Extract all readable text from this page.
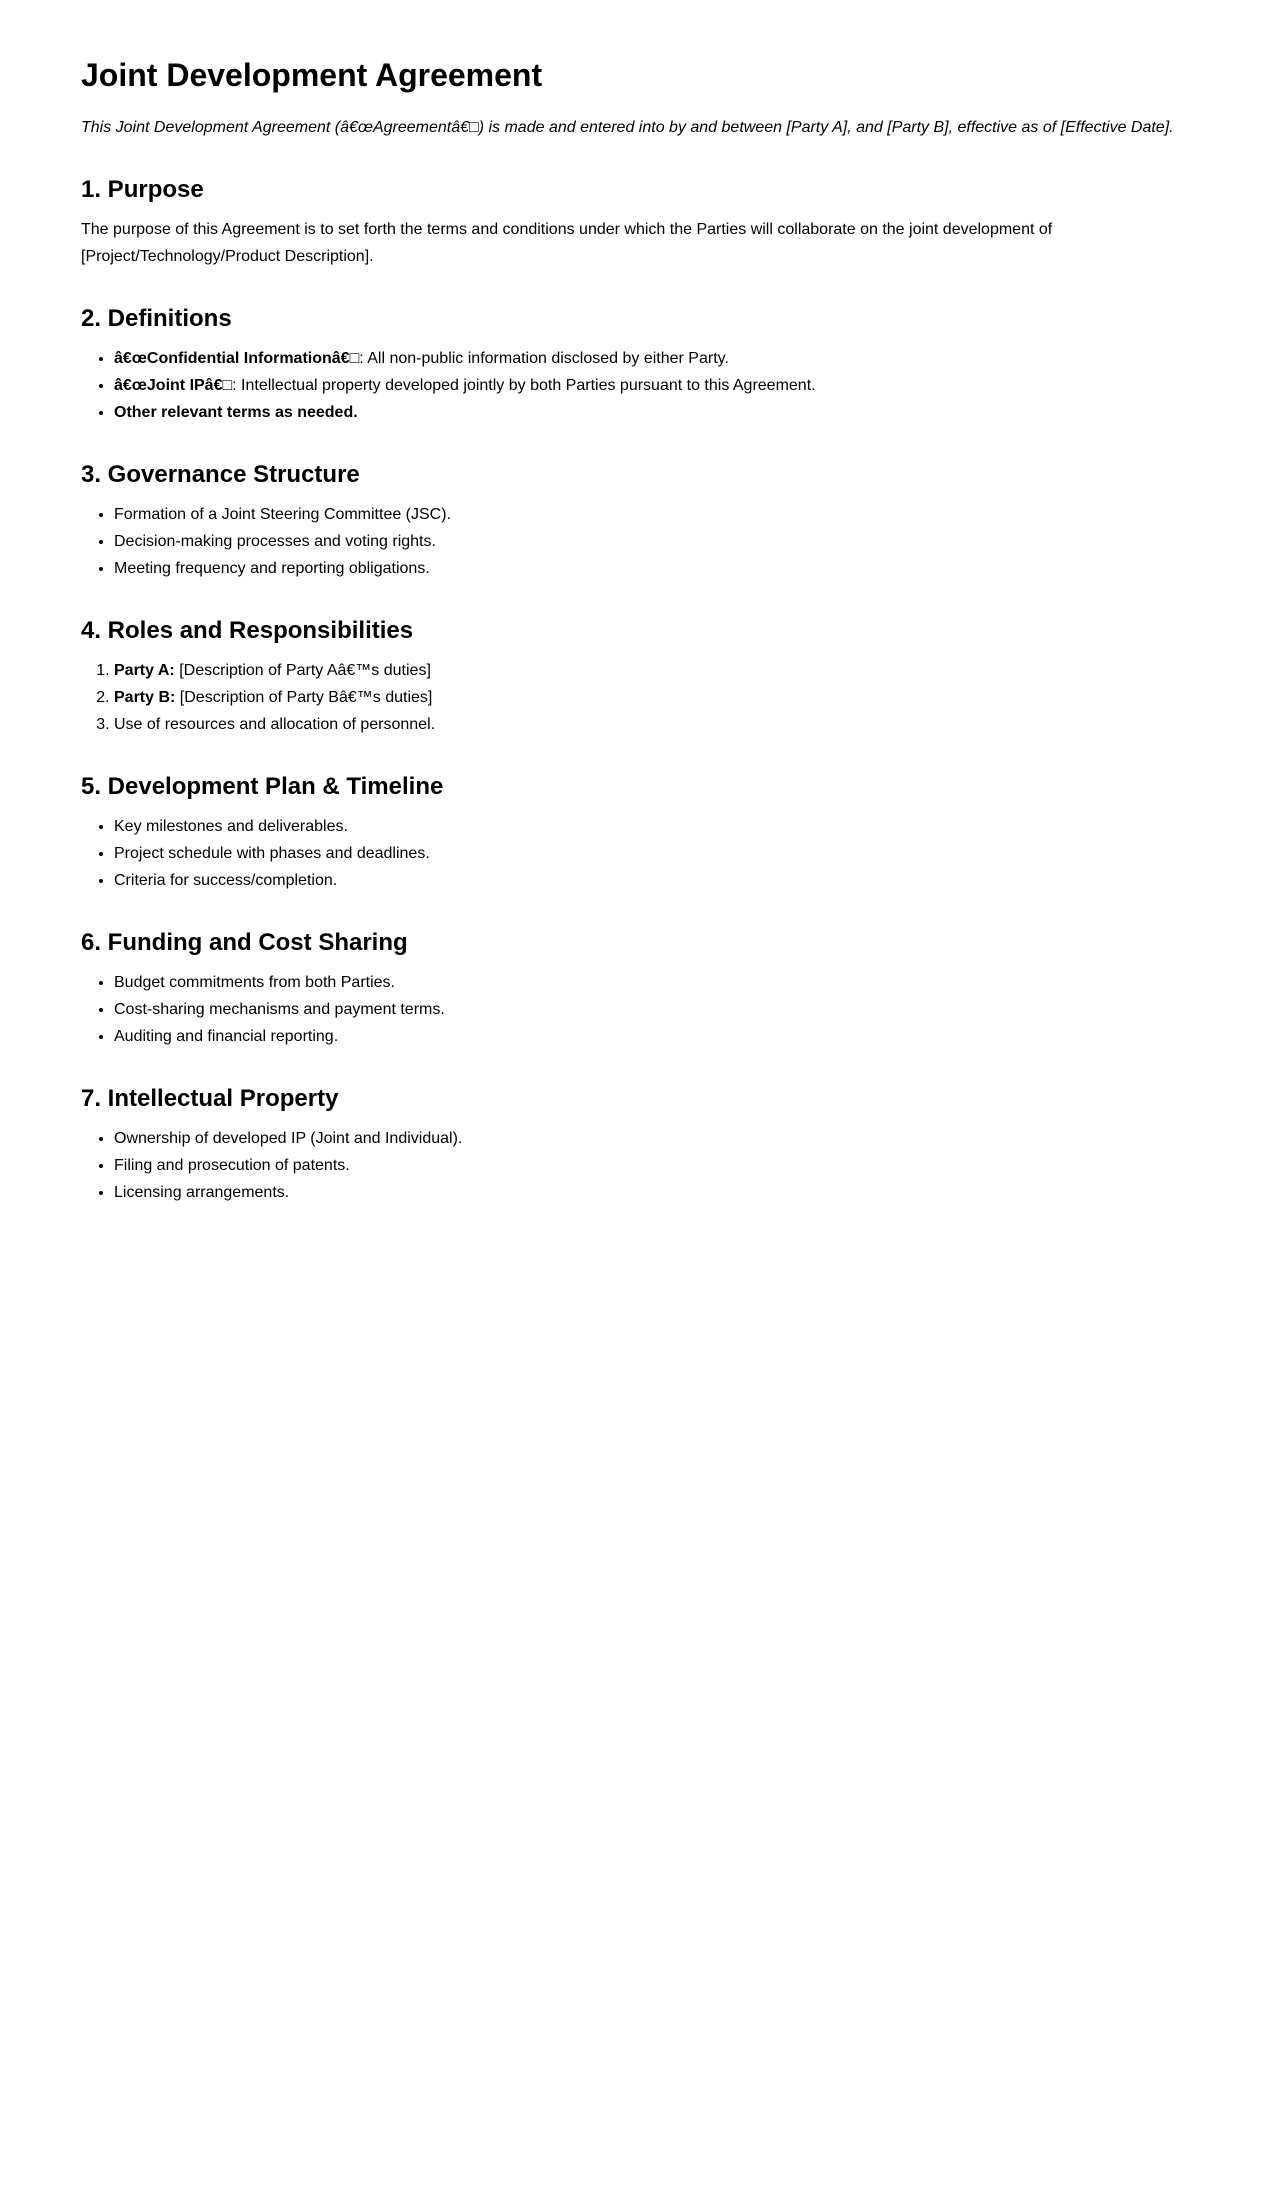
Joint Development Agreement

This Joint Development Agreement (â€œAgreementâ€□) is made and entered into by and between [Party A], and [Party B], effective as of [Effective Date].

1. Purpose

The purpose of this Agreement is to set forth the terms and conditions under which the Parties will collaborate on the joint development of [Project/Technology/Product Description].

2. Definitions
• â€œConfidential Informationâ€□: All non-public information disclosed by either Party.
• â€œJoint IPâ€□: Intellectual property developed jointly by both Parties pursuant to this Agreement.
• Other relevant terms as needed.
3. Governance Structure
• Formation of a Joint Steering Committee (JSC).
• Decision-making processes and voting rights.
• Meeting frequency and reporting obligations.
4. Roles and Responsibilities
1. Party A: [Description of Party Aâ€™s duties]
2. Party B: [Description of Party Bâ€™s duties]
3. Use of resources and allocation of personnel.
5. Development Plan & Timeline
• Key milestones and deliverables.
• Project schedule with phases and deadlines.
• Criteria for success/completion.
6. Funding and Cost Sharing
• Budget commitments from both Parties.
• Cost-sharing mechanisms and payment terms.
• Auditing and financial reporting.
7. Intellectual Property
• Ownership of developed IP (Joint and Individual).
• Filing and prosecution of patents.
• Licensing arrangements.
